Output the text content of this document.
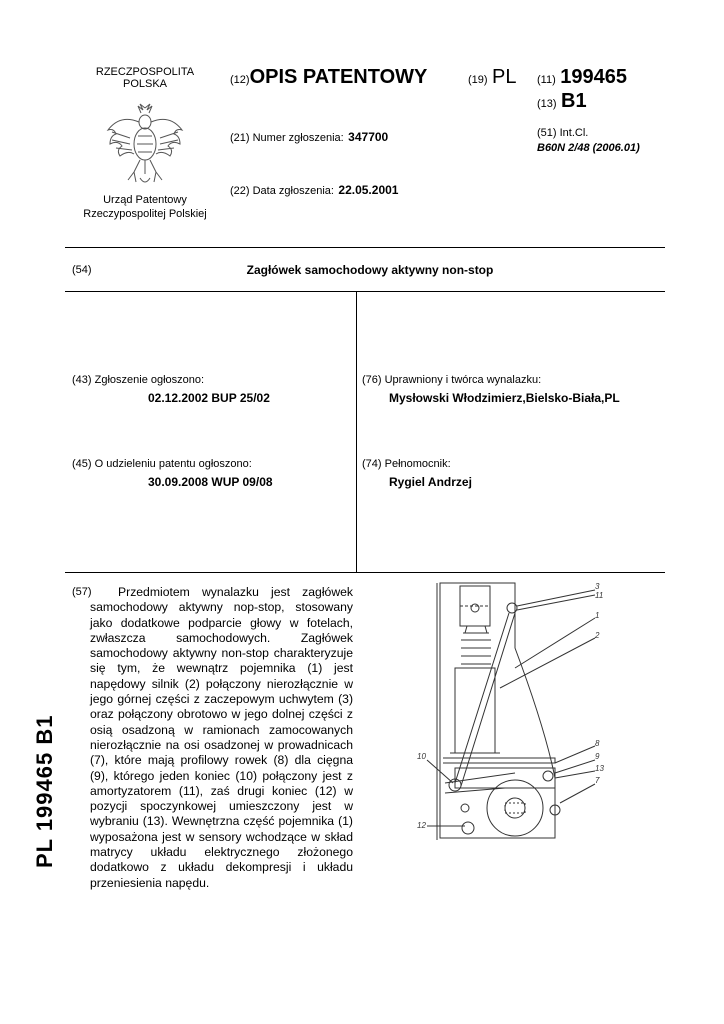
RZECZPOSPOLITA
POLSKA
Urząd Patentowy
Rzeczypospolitej Polskiej
(12)OPIS PATENTOWY	(19) PL (11) 199465
(13) B1
(21) Numer zgłoszenia: 347700	(51) Int.Cl.
B60N 2/48 (2006.01)
(22) Data zgłoszenia: 22.05.2001
(54)	Zagłówek samochodowy aktywny non-stop
(43) Zgłoszenie ogłoszono:
02.12.2002 BUP 25/02
(45) O udzieleniu patentu ogłoszono:
30.09.2008 WUP 09/08
(76) Uprawniony i twórca wynalazku:
Mysłowski Włodzimierz,Bielsko-Biała,PL
(74) Pełnomocnik:
Rygiel Andrzej
(57)	Przedmiotem wynalazku jest zagłówek samochodowy aktywny nop-stop, stosowany jako dodatkowe podparcie głowy w fotelach, zwłaszcza samochodowych. Zagłówek samochodowy aktywny non-stop charakteryzuje się tym, że wewnątrz pojemnika (1) jest napędowy silnik (2) połączony nierozłącznie w jego górnej części z zaczepowym uchwytem (3) oraz połączony obrotowo w jego dolnej części z osią osadzoną w ramionach zamocowanych nierozłącznie na osi osadzonej w prowadnicach (7), które mają profilowy rowek (8) dla cięgna (9), którego jeden koniec (10) połączony jest z amortyzatorem (11), zaś drugi koniec (12) w pozycji spoczynkowej umieszczony jest w wybraniu (13). Wewnętrzna część pojemnika (1) wyposażona jest w sensory wchodzące w skład matrycy układu elektrycznego złożonego dodatkowo z układu dekompresji i układu przeniesienia napędu.

PL 199465 B1
3
11
1
2
8
9
13
7
10
12
